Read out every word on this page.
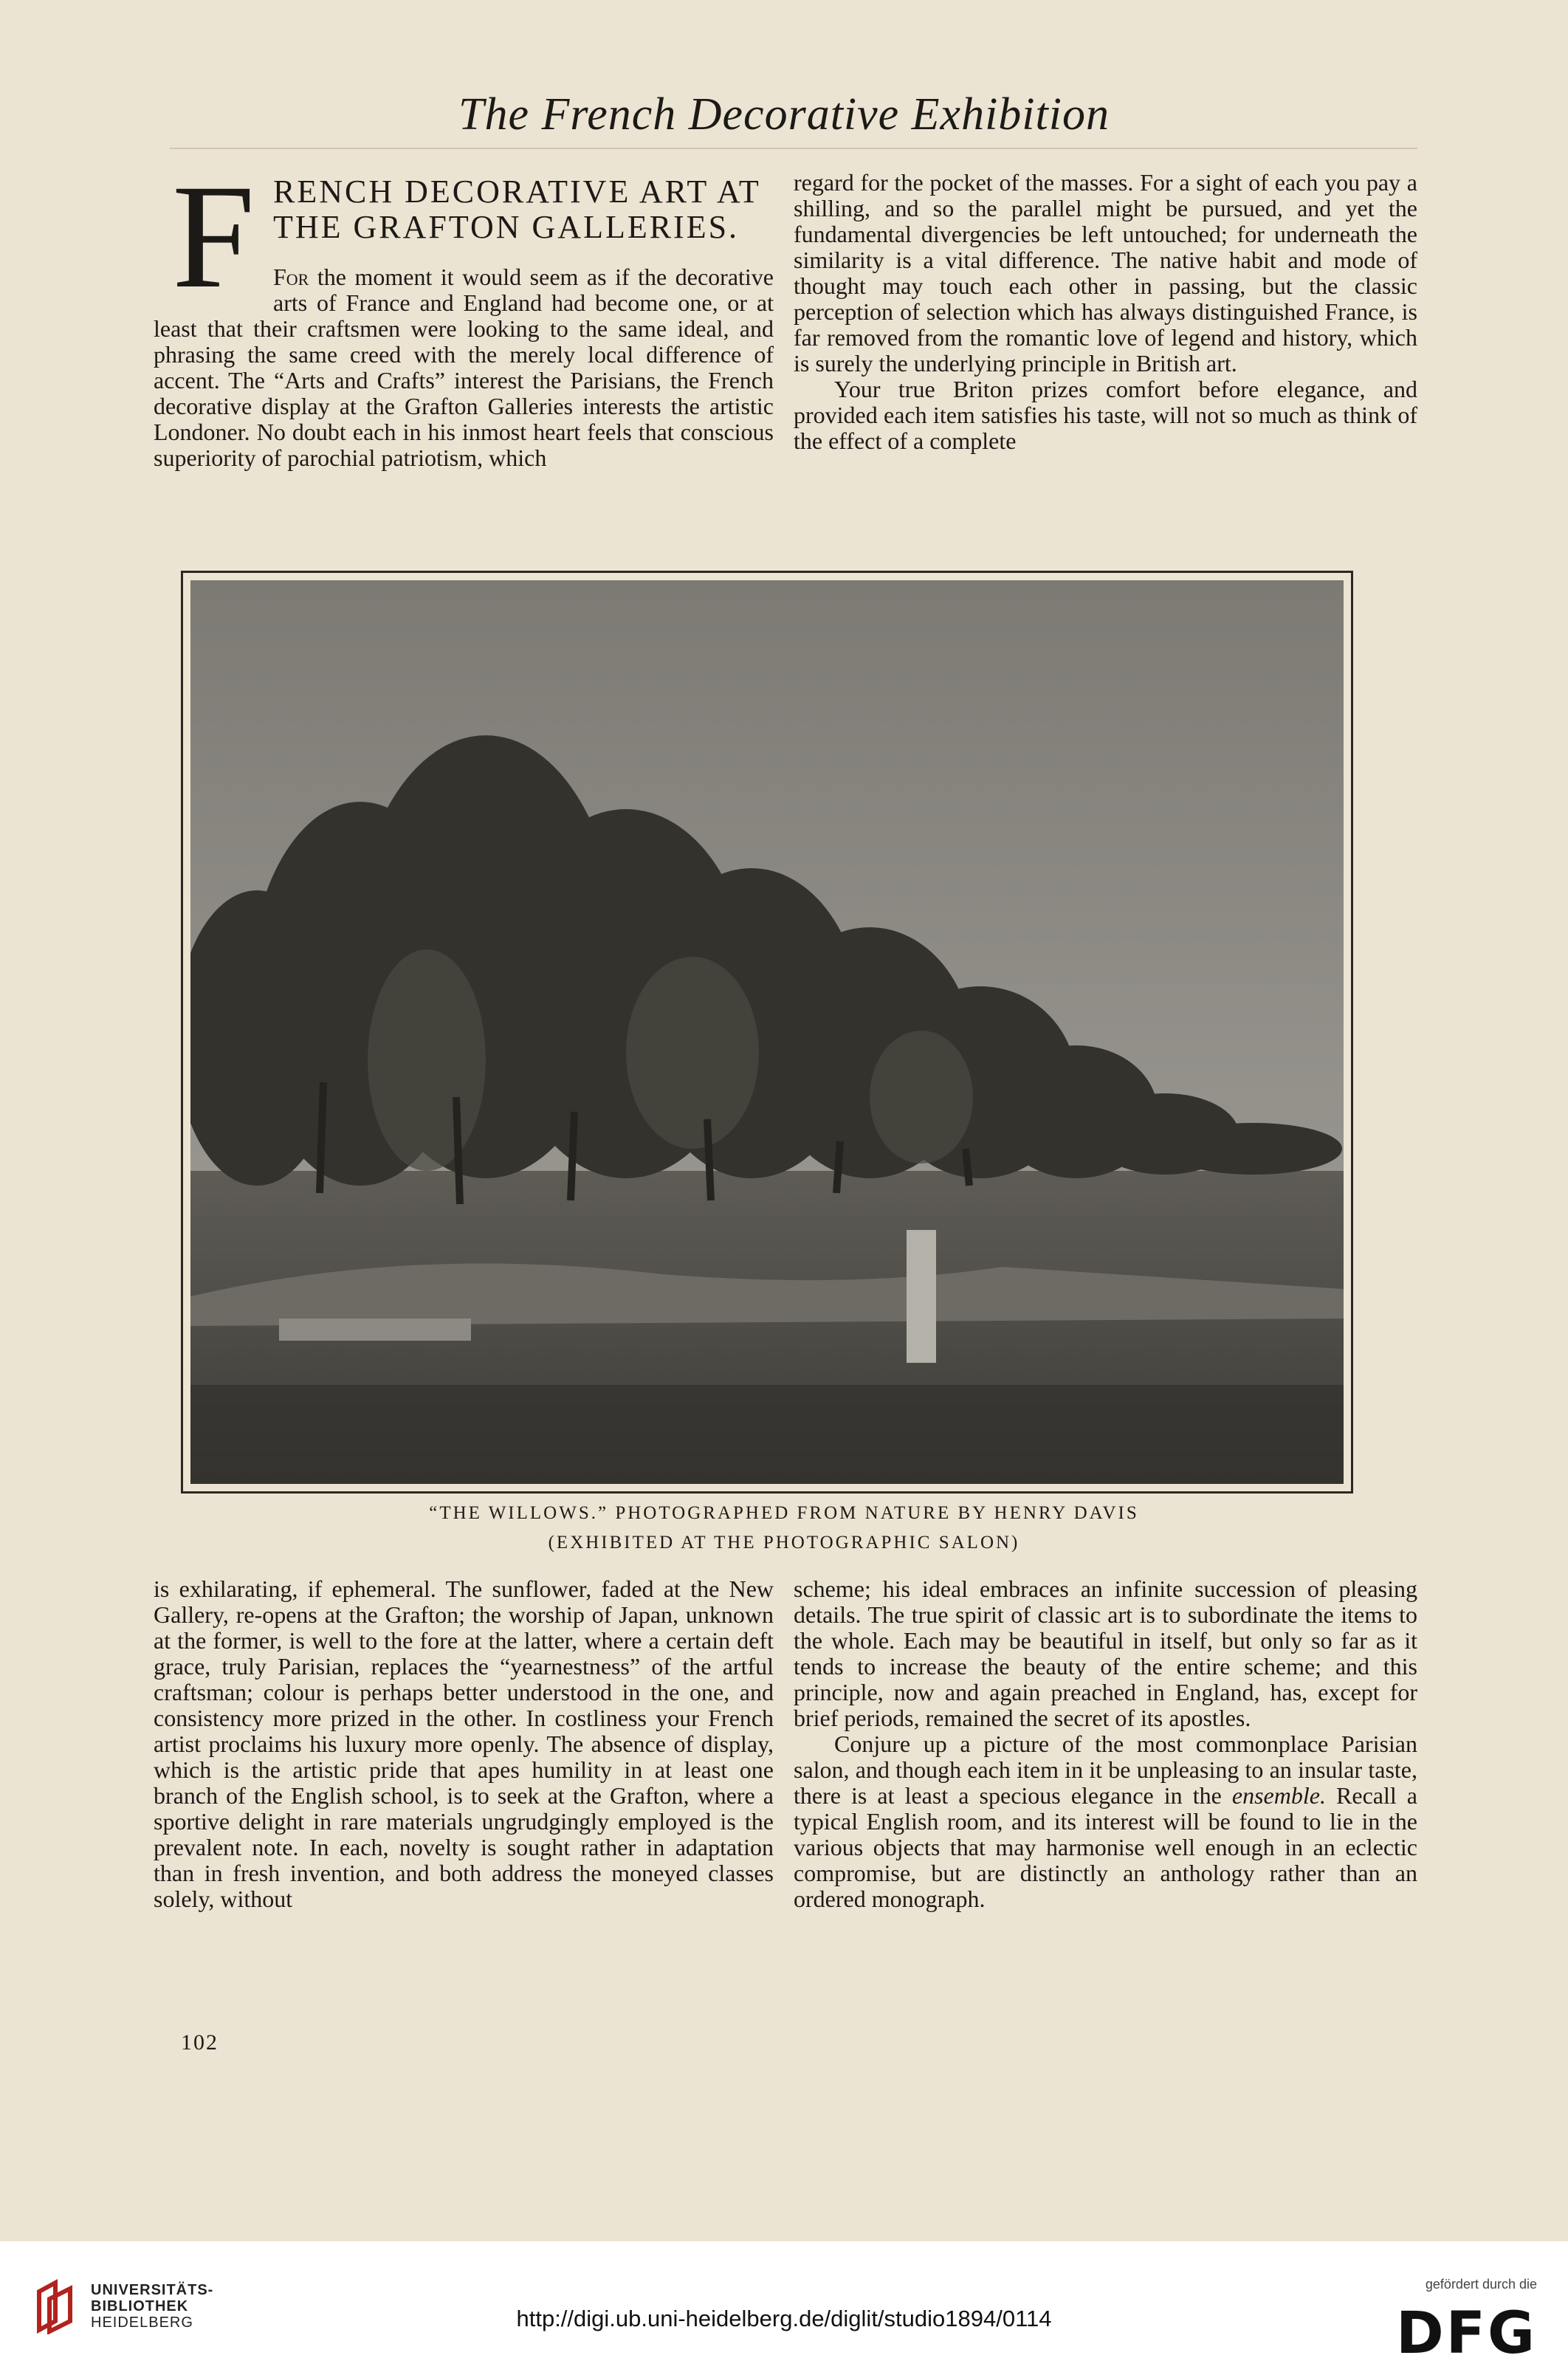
The French Decorative Exhibition
F RENCH DECORATIVE ART AT
THE GRAFTON GALLERIES.

For the moment it would seem as if the decorative arts of France and England had become one, or at least that their craftsmen were looking to the same ideal, and phrasing the same creed with the merely local difference of accent. The “Arts and Crafts” interest the Parisians, the French decorative display at the Grafton Galleries interests the artistic Londoner. No doubt each in his inmost heart feels that conscious superiority of parochial patriotism, which

regard for the pocket of the masses. For a sight of each you pay a shilling, and so the parallel might be pursued, and yet the fundamental divergencies be left untouched; for underneath the similarity is a vital difference. The native habit and mode of thought may touch each other in passing, but the classic perception of selection which has always distinguished France, is far removed from the romantic love of legend and history, which is surely the underlying principle in British art.

Your true Briton prizes comfort before elegance, and provided each item satisfies his taste, will not so much as think of the effect of a complete

“THE WILLOWS.” PHOTOGRAPHED FROM NATURE BY HENRY DAVIS
(EXHIBITED AT THE PHOTOGRAPHIC SALON)

is exhilarating, if ephemeral. The sunflower, faded at the New Gallery, re-opens at the Grafton; the worship of Japan, unknown at the former, is well to the fore at the latter, where a certain deft grace, truly Parisian, replaces the “yearnestness” of the artful craftsman; colour is perhaps better understood in the one, and consistency more prized in the other. In costliness your French artist proclaims his luxury more openly. The absence of display, which is the artistic pride that apes humility in at least one branch of the English school, is to seek at the Grafton, where a sportive delight in rare materials ungrudgingly employed is the prevalent note. In each, novelty is sought rather in adaptation than in fresh invention, and both address the moneyed classes solely, without

scheme; his ideal embraces an infinite succession of pleasing details. The true spirit of classic art is to subordinate the items to the whole. Each may be beautiful in itself, but only so far as it tends to increase the beauty of the entire scheme; and this principle, now and again preached in England, has, except for brief periods, remained the secret of its apostles.

Conjure up a picture of the most commonplace Parisian salon, and though each item in it be unpleasing to an insular taste, there is at least a specious elegance in the ensemble. Recall a typical English room, and its interest will be found to lie in the various objects that may harmonise well enough in an eclectic compromise, but are distinctly an anthology rather than an ordered monograph.

102
UNIVERSITÄTS-
BIBLIOTHEK
HEIDELBERG	http://digi.ub.uni-heidelberg.de/diglit/studio1894/0114
gefördert durch die
DFG
